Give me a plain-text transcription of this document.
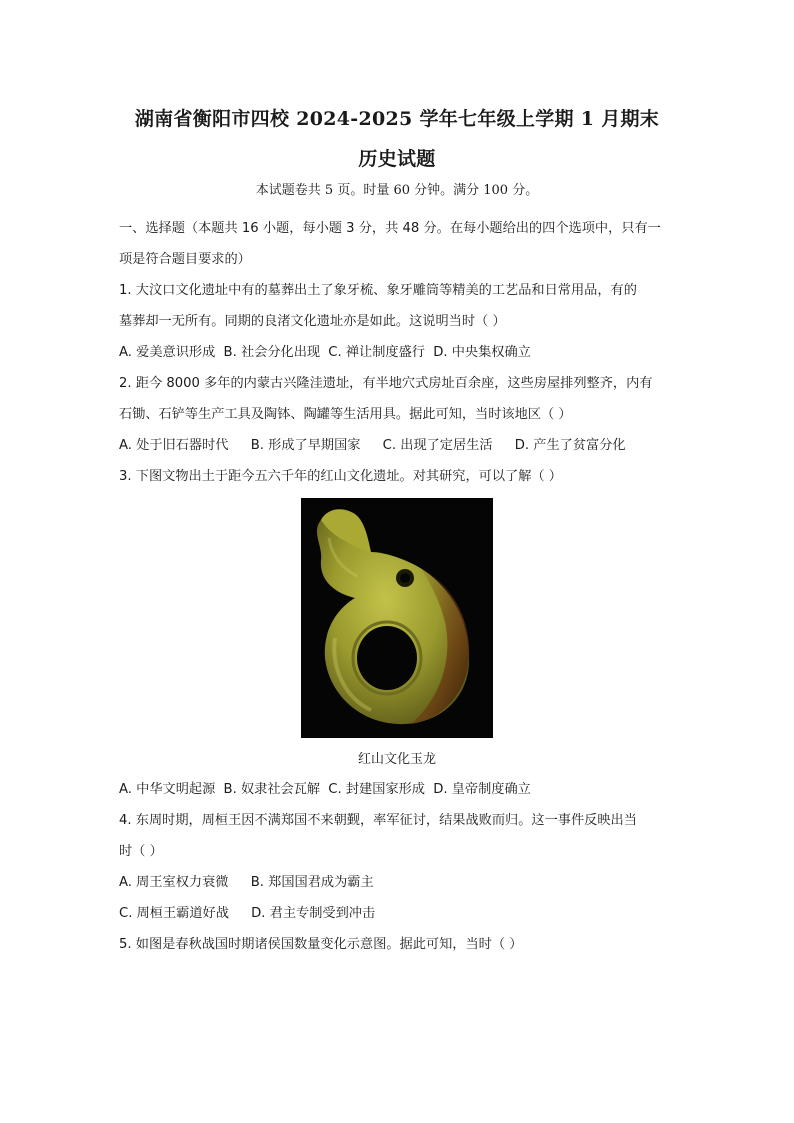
湖南省衡阳市四校 2024-2025 学年七年级上学期 1 月期末

历史试题

本试题卷共 5 页。时量 60 分钟。满分 100 分。

一、选择题（本题共 16 小题，每小题 3 分，共 48 分。在每小题给出的四个选项中，只有一

项是符合题目要求的）

1. 大汶口文化遗址中有的墓葬出土了象牙梳、象牙雕筒等精美的工艺品和日常用品，有的

墓葬却一无所有。同期的良渚文化遗址亦是如此。这说明当时（ ）

A. 爱美意识形成 B. 社会分化出现 C. 禅让制度盛行 D. 中央集权确立

2. 距今 8000 多年的内蒙古兴隆洼遗址，有半地穴式房址百余座，这些房屋排列整齐，内有

石锄、石铲等生产工具及陶钵、陶罐等生活用具。据此可知，当时该地区（ ）

A. 处于旧石器时代 B. 形成了早期国家 C. 出现了定居生活 D. 产生了贫富分化

3. 下图文物出土于距今五六千年的红山文化遗址。对其研究，可以了解（ ）

红山文化玉龙

A. 中华文明起源 B. 奴隶社会瓦解 C. 封建国家形成 D. 皇帝制度确立

4. 东周时期，周桓王因不满郑国不来朝觐，率军征讨，结果战败而归。这一事件反映出当

时（ ）

A. 周王室权力衰微 B. 郑国国君成为霸主

C. 周桓王霸道好战 D. 君主专制受到冲击

5. 如图是春秋战国时期诸侯国数量变化示意图。据此可知，当时（ ）
